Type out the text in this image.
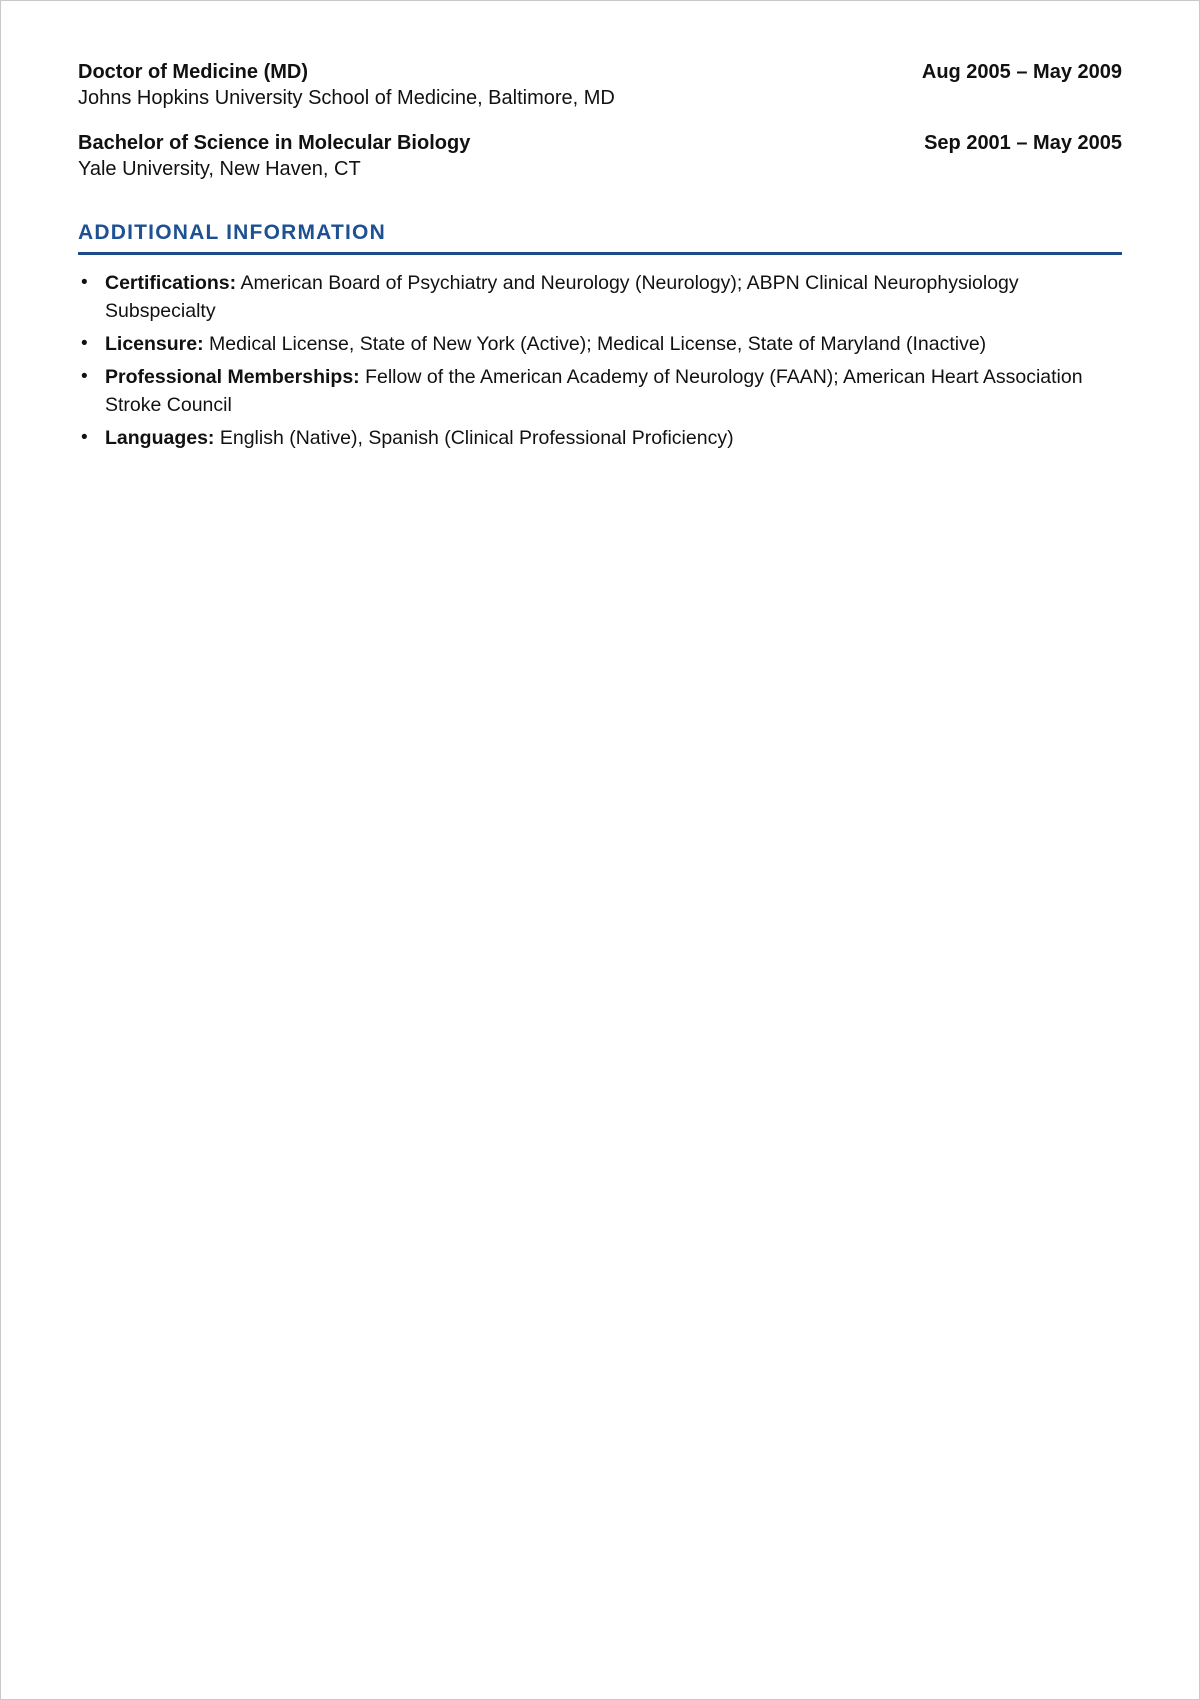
Doctor of Medicine (MD)	Aug 2005 – May 2009
Johns Hopkins University School of Medicine, Baltimore, MD
Bachelor of Science in Molecular Biology	Sep 2001 – May 2005
Yale University, New Haven, CT
ADDITIONAL INFORMATION
• Certifications: American Board of Psychiatry and Neurology (Neurology); ABPN Clinical Neurophysiology Subspecialty
• Licensure: Medical License, State of New York (Active); Medical License, State of Maryland (Inactive)
• Professional Memberships: Fellow of the American Academy of Neurology (FAAN); American Heart Association Stroke Council
• Languages: English (Native), Spanish (Clinical Professional Proficiency)
